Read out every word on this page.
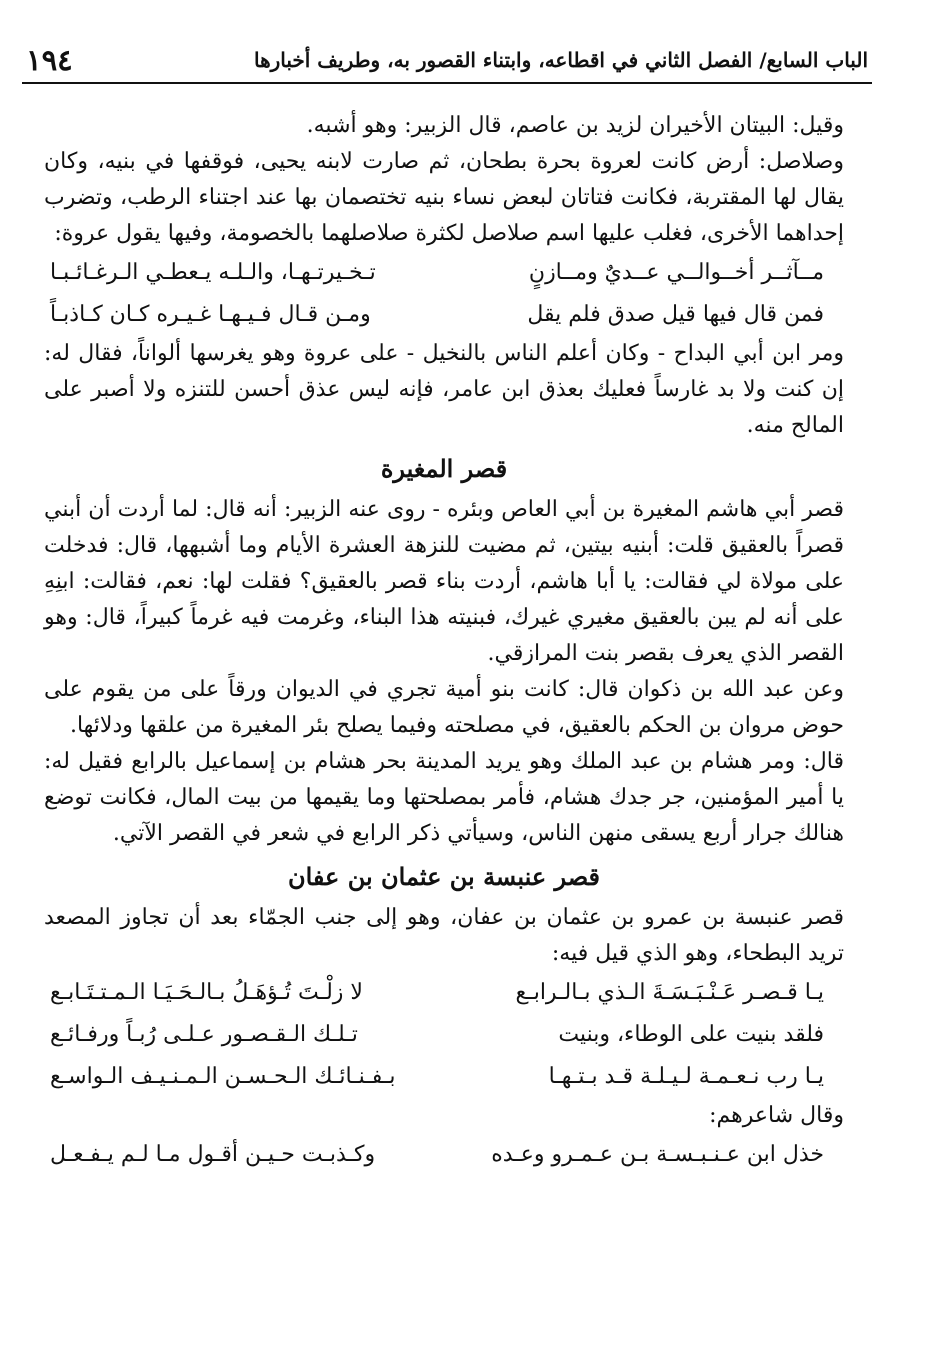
١٩٤	الباب السابع/ الفصل الثاني في اقطاعه، وابتناء القصور به، وطريف أخبارها

وقيل: البيتان الأخيران لزيد بن عاصم، قال الزبير: وهو أشبه.

وصلاصل: أرض كانت لعروة بحرة بطحان، ثم صارت لابنه يحيى، فوقفها في بنيه، وكان يقال لها المقتربة، فكانت فتاتان لبعض نساء بنيه تختصمان بها عند اجتناء الرطب، وتضرب إحداهما الأخرى، فغلب عليها اسم صلاصل لكثرة صلاصلهما بالخصومة، وفيها يقول عروة:

مــآثــر أخــوالــي عــديٌ ومــازنٍ
تـخـيرتـهـا، والـلـه يـعطـي الـرغـائـبـا
فمن قال فيها قيل صدق فلم يقل
ومـن قـال فـيـهـا غـيـره كـان كـاذبـاً

ومر ابن أبي البداح - وكان أعلم الناس بالنخيل - على عروة وهو يغرسها ألواناً، فقال له: إن كنت ولا بد غارساً فعليك بعذق ابن عامر، فإنه ليس عذق أحسن للتنزه ولا أصبر على المالح منه.

قصر المغيرة

قصر أبي هاشم المغيرة بن أبي العاص وبئره - روى عنه الزبير: أنه قال: لما أردت أن أبني قصراً بالعقيق قلت: أبنيه بيتين، ثم مضيت للنزهة العشرة الأيام وما أشبهها، قال: فدخلت على مولاة لي فقالت: يا أبا هاشم، أردت بناء قصر بالعقيق؟ فقلت لها: نعم، فقالت: ابنِهِ على أنه لم يبن بالعقيق مغيري غيرك، فبنيته هذا البناء، وغرمت فيه غرماً كبيراً، قال: وهو القصر الذي يعرف بقصر بنت المرازقي.

وعن عبد الله بن ذكوان قال: كانت بنو أمية تجري في الديوان ورقاً على من يقوم على حوض مروان بن الحكم بالعقيق، في مصلحته وفيما يصلح بئر المغيرة من علقها ودلائها.

قال: ومر هشام بن عبد الملك وهو يريد المدينة بحر هشام بن إسماعيل بالرابع فقيل له: يا أمير المؤمنين، جر جدك هشام، فأمر بمصلحتها وما يقيمها من بيت المال، فكانت توضع هنالك جرار أربع يسقى منهن الناس، وسيأتي ذكر الرابع في شعر في القصر الآتي.

قصر عنبسة بن عثمان بن عفان

قصر عنبسة بن عمرو بن عثمان بن عفان، وهو إلى جنب الجمّاء بعد أن تجاوز المصعد تريد البطحاء، وهو الذي قيل فيه:

يـا قـصـر عَـنْـبَـسَـةَ الـذي بـالـرابـع
لا زلْـتَ تُـؤهَـلُ بـالـحَـيَـا الـمـتـتَـابـع
فلقد بنيت على الوطاء، وبنيت
تـلـك الـقـصـور عـلـى رُبـاً ورفـائـع
يـا رب نـعـمـة لـيـلـة قـد بـتـهـا
بـفـنـائـك الـحـسـن الـمـنـيـف الـواسـع

وقال شاعرهم:

خذل ابن عـنـبـسـة بـن عـمـرو وعـده
وكـذبـت حـيـن أقـول مـا لـم يـفـعـل
